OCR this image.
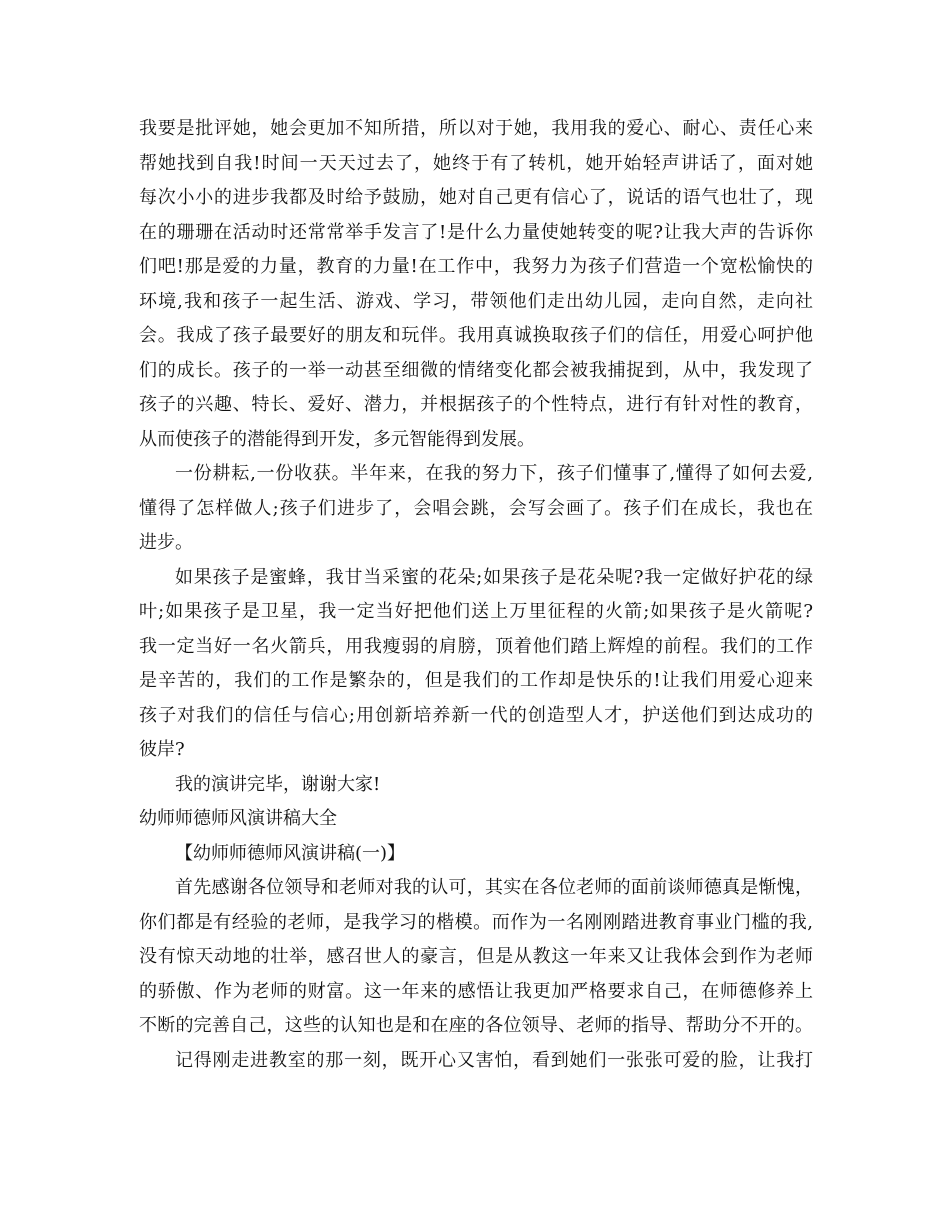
我要是批评她，她会更加不知所措，所以对于她，我用我的爱心、耐心、责任心来
帮她找到自我!时间一天天过去了，她终于有了转机，她开始轻声讲话了，面对她
每次小小的进步我都及时给予鼓励，她对自己更有信心了，说话的语气也壮了，现
在的珊珊在活动时还常常举手发言了!是什么力量使她转变的呢?让我大声的告诉你
们吧!那是爱的力量，教育的力量!在工作中，我努力为孩子们营造一个宽松愉快的
环境,我和孩子一起生活、游戏、学习，带领他们走出幼儿园，走向自然，走向社
会。我成了孩子最要好的朋友和玩伴。我用真诚换取孩子们的信任，用爱心呵护他
们的成长。孩子的一举一动甚至细微的情绪变化都会被我捕捉到，从中，我发现了
孩子的兴趣、特长、爱好、潜力，并根据孩子的个性特点，进行有针对性的教育，
从而使孩子的潜能得到开发，多元智能得到发展。
一份耕耘,一份收获。半年来，在我的努力下，孩子们懂事了,懂得了如何去爱,
懂得了怎样做人;孩子们进步了，会唱会跳，会写会画了。孩子们在成长，我也在
进步。
如果孩子是蜜蜂，我甘当采蜜的花朵;如果孩子是花朵呢?我一定做好护花的绿
叶;如果孩子是卫星，我一定当好把他们送上万里征程的火箭;如果孩子是火箭呢?
我一定当好一名火箭兵，用我瘦弱的肩膀，顶着他们踏上辉煌的前程。我们的工作
是辛苦的，我们的工作是繁杂的，但是我们的工作却是快乐的!让我们用爱心迎来
孩子对我们的信任与信心;用创新培养新一代的创造型人才，护送他们到达成功的
彼岸?
我的演讲完毕，谢谢大家!
幼师师德师风演讲稿大全
【幼师师德师风演讲稿(一)】
首先感谢各位领导和老师对我的认可，其实在各位老师的面前谈师德真是惭愧，
你们都是有经验的老师，是我学习的楷模。而作为一名刚刚踏进教育事业门槛的我,
没有惊天动地的壮举，感召世人的豪言，但是从教这一年来又让我体会到作为老师
的骄傲、作为老师的财富。这一年来的感悟让我更加严格要求自己，在师德修养上
不断的完善自己，这些的认知也是和在座的各位领导、老师的指导、帮助分不开的。
记得刚走进教室的那一刻，既开心又害怕，看到她们一张张可爱的脸，让我打
